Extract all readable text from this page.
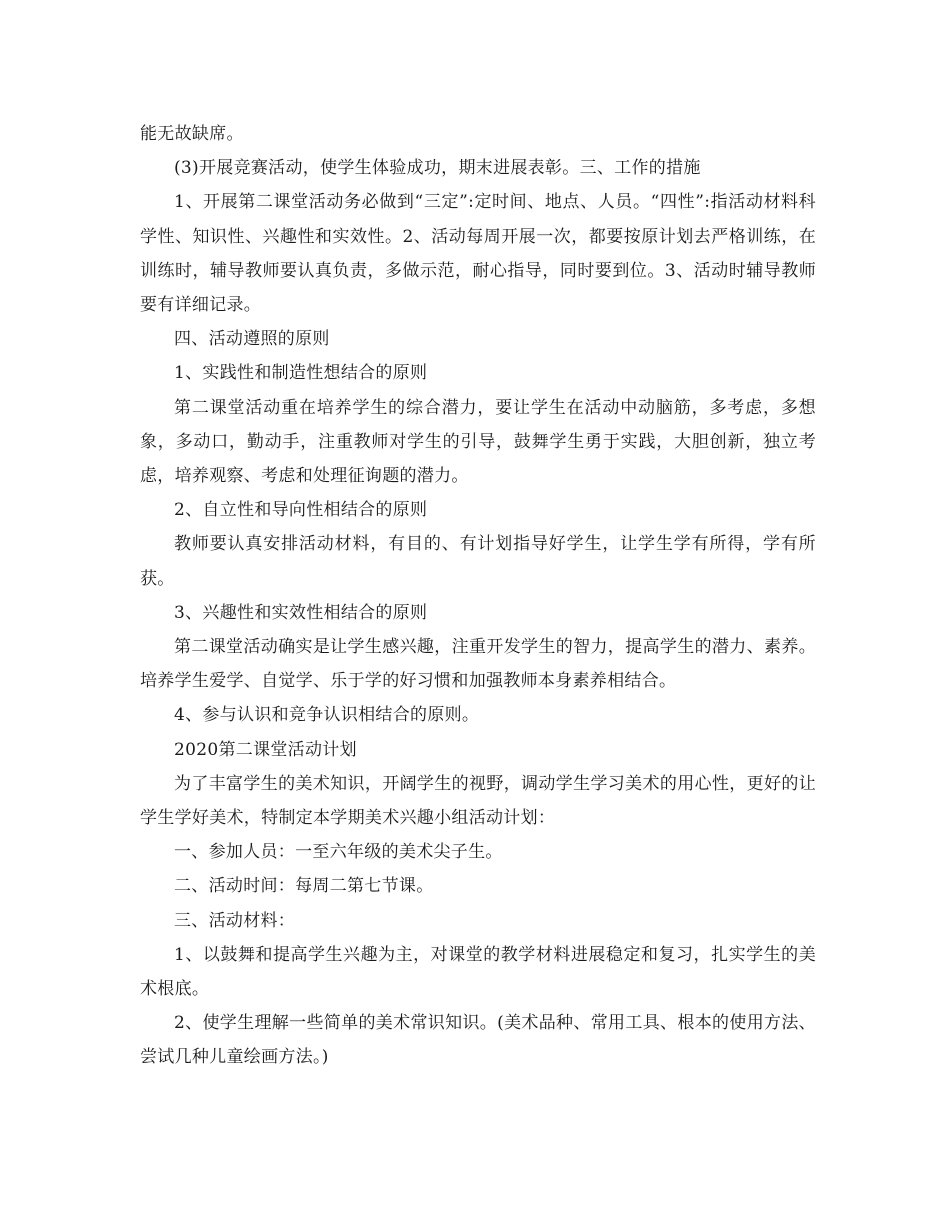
能无故缺席。

(3)开展竞赛活动，使学生体验成功，期末进展表彰。三、工作的措施

1、开展第二课堂活动务必做到“三定”:定时间、地点、人员。“四性”:指活动材料科学性、知识性、兴趣性和实效性。2、活动每周开展一次，都要按原计划去严格训练，在训练时，辅导教师要认真负责，多做示范，耐心指导，同时要到位。3、活动时辅导教师要有详细记录。

四、活动遵照的原则

1、实践性和制造性想结合的原则

第二课堂活动重在培养学生的综合潜力，要让学生在活动中动脑筋，多考虑，多想象，多动口，勤动手，注重教师对学生的引导，鼓舞学生勇于实践，大胆创新，独立考虑，培养观察、考虑和处理征询题的潜力。

2、自立性和导向性相结合的原则

教师要认真安排活动材料，有目的、有计划指导好学生，让学生学有所得，学有所获。

3、兴趣性和实效性相结合的原则

第二课堂活动确实是让学生感兴趣，注重开发学生的智力，提高学生的潜力、素养。培养学生爱学、自觉学、乐于学的好习惯和加强教师本身素养相结合。

4、参与认识和竞争认识相结合的原则。

2020第二课堂活动计划

为了丰富学生的美术知识，开阔学生的视野，调动学生学习美术的用心性，更好的让学生学好美术，特制定本学期美术兴趣小组活动计划：

一、参加人员：一至六年级的美术尖子生。

二、活动时间：每周二第七节课。

三、活动材料：

1、以鼓舞和提高学生兴趣为主，对课堂的教学材料进展稳定和复习，扎实学生的美术根底。

2、使学生理解一些简单的美术常识知识。(美术品种、常用工具、根本的使用方法、尝试几种儿童绘画方法。)
